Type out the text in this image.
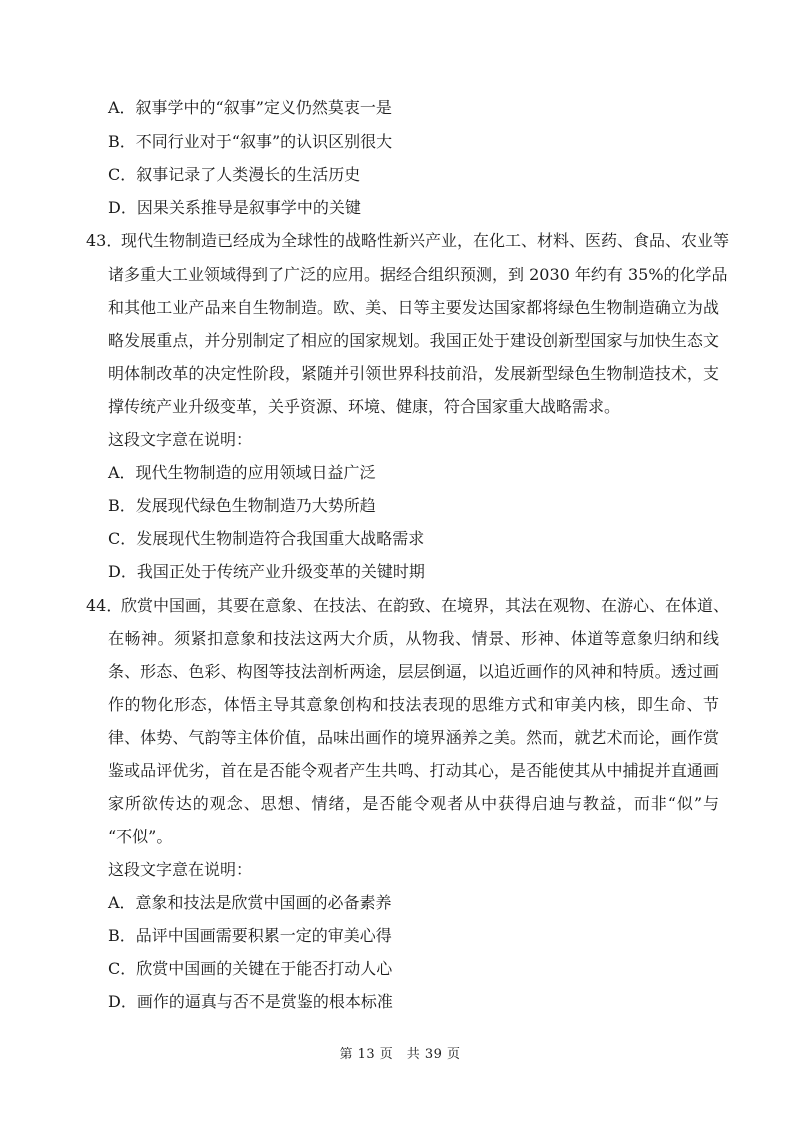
A．叙事学中的“叙事”定义仍然莫衷一是
B．不同行业对于“叙事”的认识区别很大
C．叙事记录了人类漫长的生活历史
D．因果关系推导是叙事学中的关键
43．
现代生物制造已经成为全球性的战略性新兴产业，在化工、材料、医药、食品、农业等
诸多重大工业领域得到了广泛的应用。据经合组织预测，到 2030 年约有 35%的化学品
和其他工业产品来自生物制造。欧、美、日等主要发达国家都将绿色生物制造确立为战
略发展重点，并分别制定了相应的国家规划。我国正处于建设创新型国家与加快生态文
明体制改革的决定性阶段，紧随并引领世界科技前沿，发展新型绿色生物制造技术，支
撑传统产业升级变革，关乎资源、环境、健康，符合国家重大战略需求。
这段文字意在说明：
A．现代生物制造的应用领域日益广泛
B．发展现代绿色生物制造乃大势所趋
C．发展现代生物制造符合我国重大战略需求
D．我国正处于传统产业升级变革的关键时期
44．
欣赏中国画，其要在意象、在技法、在韵致、在境界，其法在观物、在游心、在体道、
在畅神。须紧扣意象和技法这两大介质，从物我、情景、形神、体道等意象归纳和线
条、形态、色彩、构图等技法剖析两途，层层倒逼，以追近画作的风神和特质。透过画
作的物化形态，体悟主导其意象创构和技法表现的思维方式和审美内核，即生命、节
律、体势、气韵等主体价值，品味出画作的境界涵养之美。然而，就艺术而论，画作赏
鉴或品评优劣，首在是否能令观者产生共鸣、打动其心，是否能使其从中捕捉并直通画
家所欲传达的观念、思想、情绪，是否能令观者从中获得启迪与教益，而非“似”与
“不似”。
这段文字意在说明：
A．意象和技法是欣赏中国画的必备素养
B．品评中国画需要积累一定的审美心得
C．欣赏中国画的关键在于能否打动人心
D．画作的逼真与否不是赏鉴的根本标准
第 13 页　共 39 页
